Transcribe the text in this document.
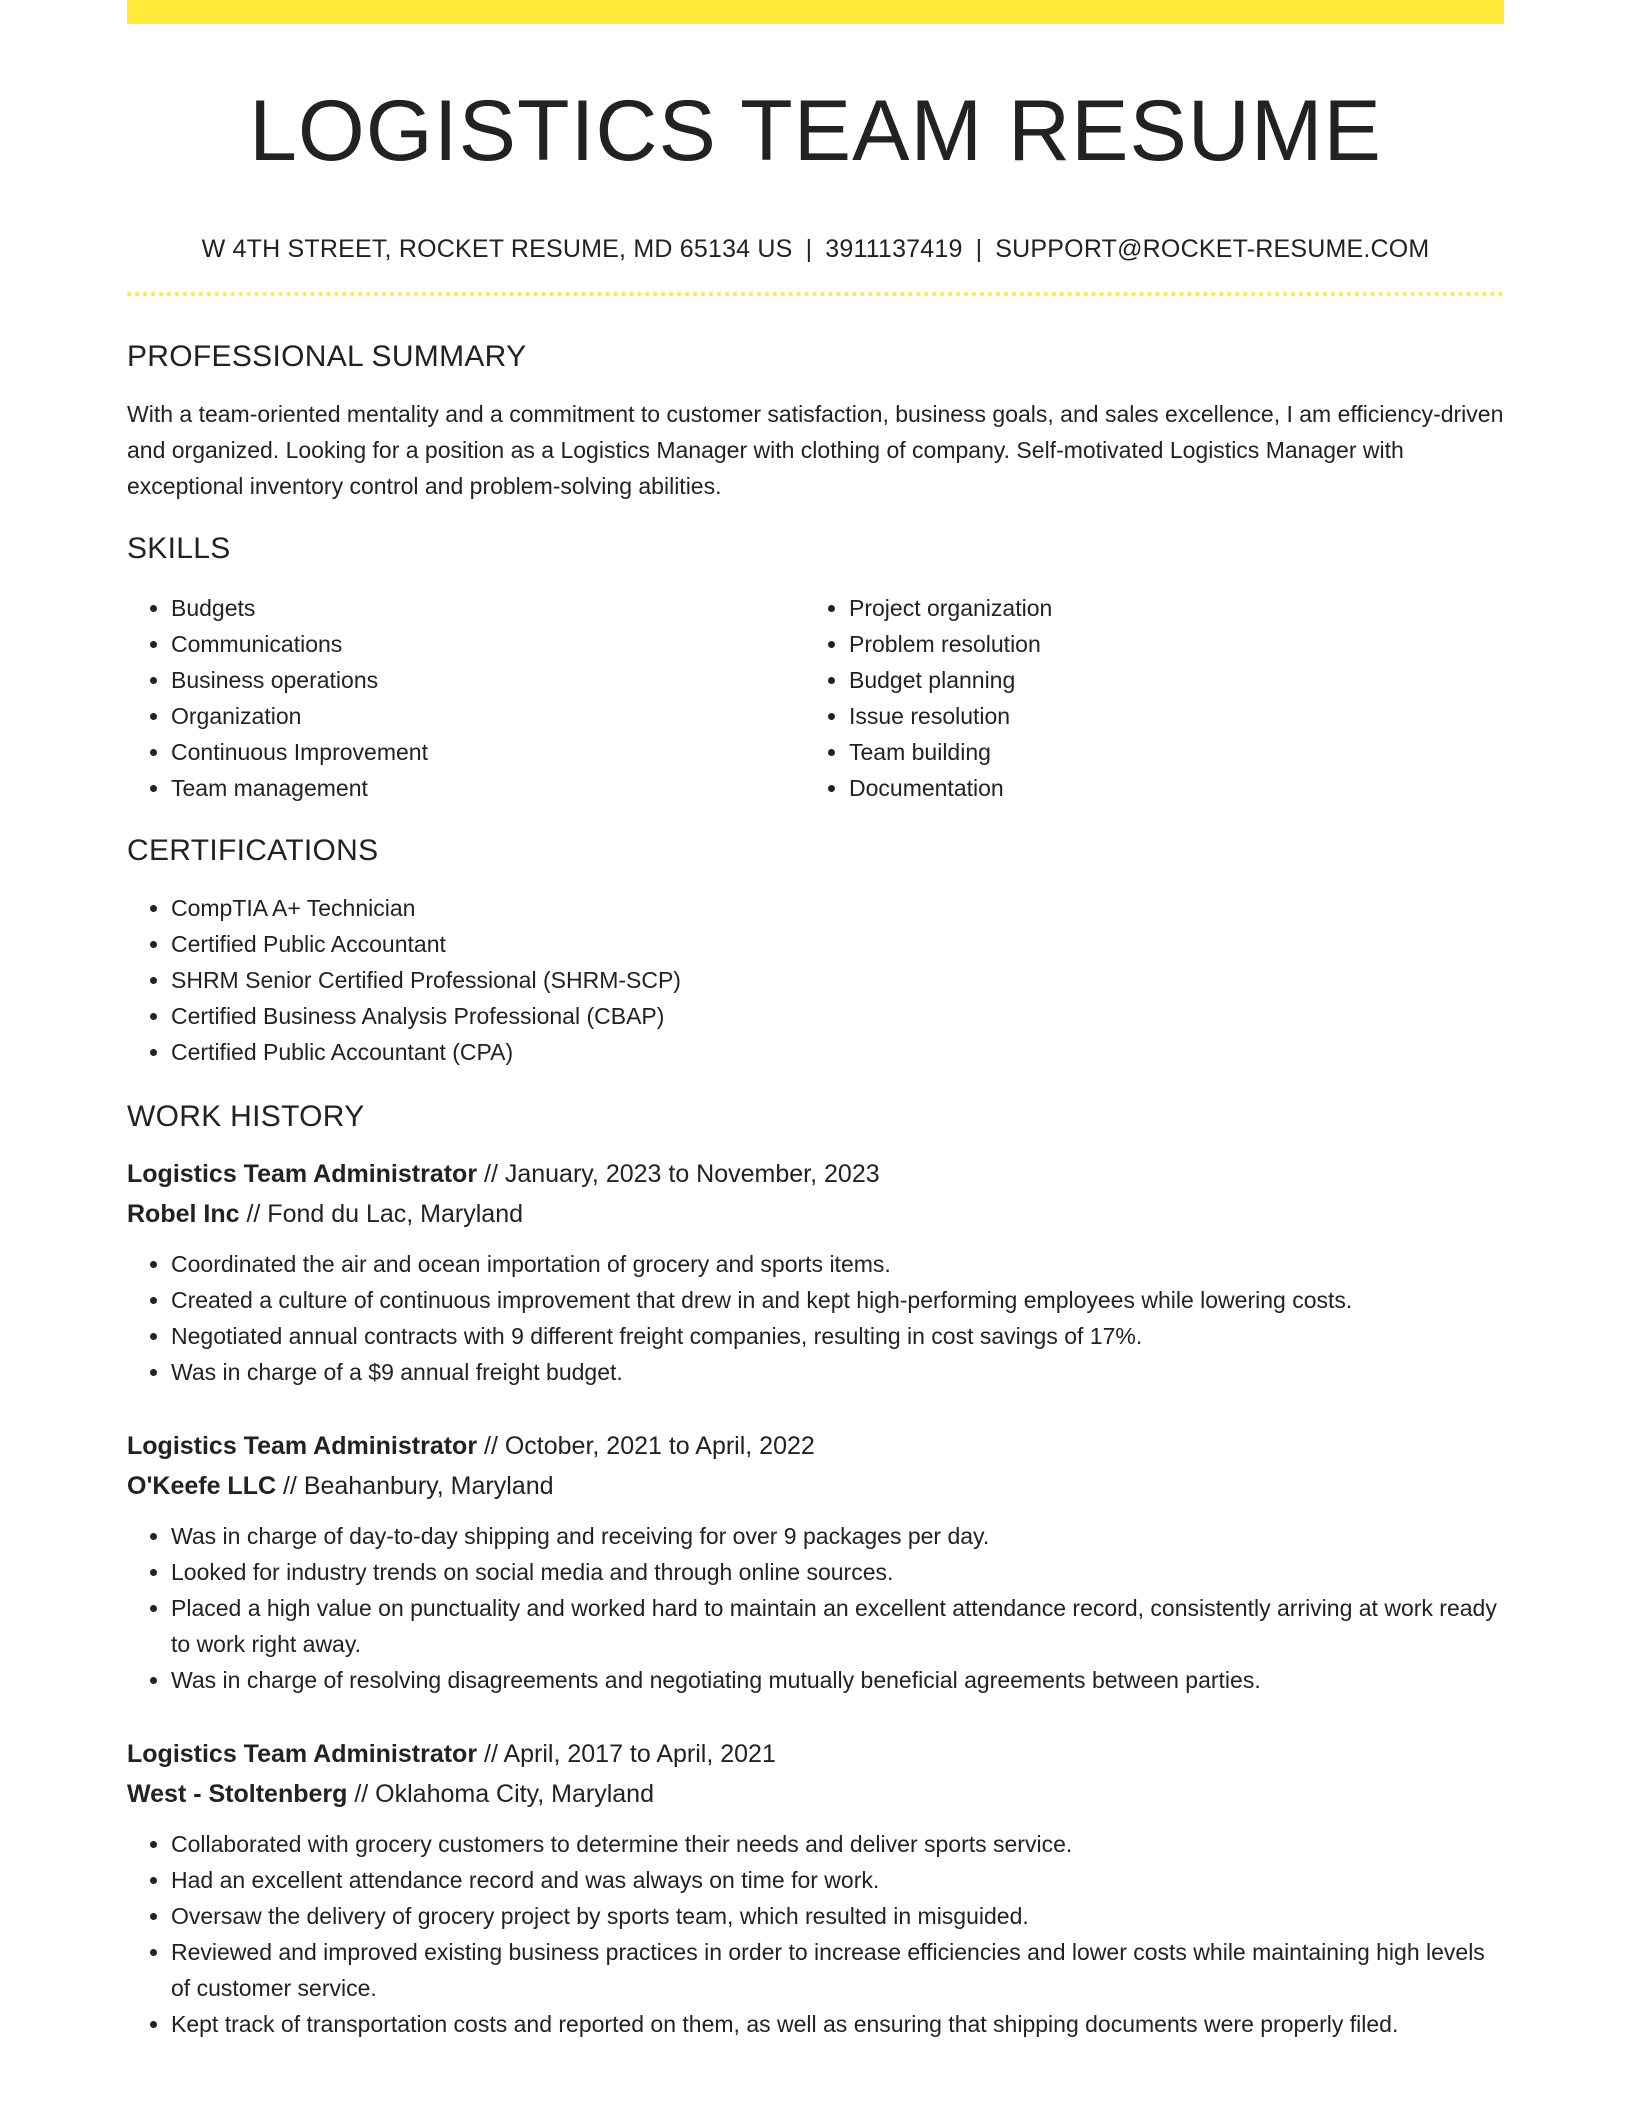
LOGISTICS TEAM RESUME
W 4TH STREET, ROCKET RESUME, MD 65134 US | 3911137419 | SUPPORT@ROCKET-RESUME.COM
PROFESSIONAL SUMMARY
With a team-oriented mentality and a commitment to customer satisfaction, business goals, and sales excellence, I am efficiency-driven and organized. Looking for a position as a Logistics Manager with clothing of company. Self-motivated Logistics Manager with exceptional inventory control and problem-solving abilities.
SKILLS
• Budgets
• Communications
• Business operations
• Organization
• Continuous Improvement
• Team management
• Project organization
• Problem resolution
• Budget planning
• Issue resolution
• Team building
• Documentation
CERTIFICATIONS
• CompTIA A+ Technician
• Certified Public Accountant
• SHRM Senior Certified Professional (SHRM-SCP)
• Certified Business Analysis Professional (CBAP)
• Certified Public Accountant (CPA)
WORK HISTORY
Logistics Team Administrator // January, 2023 to November, 2023
Robel Inc // Fond du Lac, Maryland
• Coordinated the air and ocean importation of grocery and sports items.
• Created a culture of continuous improvement that drew in and kept high-performing employees while lowering costs.
• Negotiated annual contracts with 9 different freight companies, resulting in cost savings of 17%.
• Was in charge of a $9 annual freight budget.
Logistics Team Administrator // October, 2021 to April, 2022
O'Keefe LLC // Beahanbury, Maryland
• Was in charge of day-to-day shipping and receiving for over 9 packages per day.
• Looked for industry trends on social media and through online sources.
• Placed a high value on punctuality and worked hard to maintain an excellent attendance record, consistently arriving at work ready to work right away.
• Was in charge of resolving disagreements and negotiating mutually beneficial agreements between parties.
Logistics Team Administrator // April, 2017 to April, 2021
West - Stoltenberg // Oklahoma City, Maryland
• Collaborated with grocery customers to determine their needs and deliver sports service.
• Had an excellent attendance record and was always on time for work.
• Oversaw the delivery of grocery project by sports team, which resulted in misguided.
• Reviewed and improved existing business practices in order to increase efficiencies and lower costs while maintaining high levels of customer service.
• Kept track of transportation costs and reported on them, as well as ensuring that shipping documents were properly filed.
